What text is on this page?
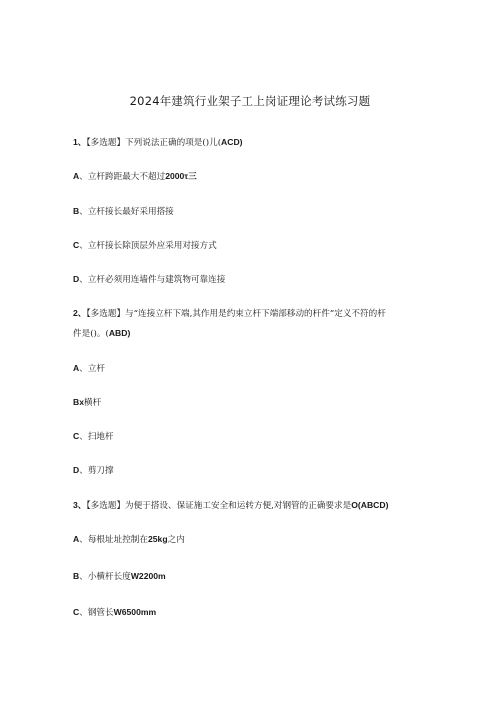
2024年建筑行业架子工上岗证理论考试练习题
1、【多选题】下列说法正确的项是()儿(ACD)
A、立杆跨距最大不超过2000τ三
B、立杆接长最好采用搭接
C、立杆接长除顶层外应采用对接方式
D、立杆必须用连墙件与建筑物可靠连接
2、【多选题】与“连接立杆下端,其作用是约束立杆下端部移动的杆件”定义不符的杆
件是()。(ABD)
A、立杆
Bx横杆
C、扫地杆
D、剪刀撑
3、【多选题】为便于搭设、保证施工安全和运转方便,对钢管的正确要求是O(ABCD)
A、每根址址控制在25kg之内
B、小横杆长度W2200m
C、钢管长W6500mm
